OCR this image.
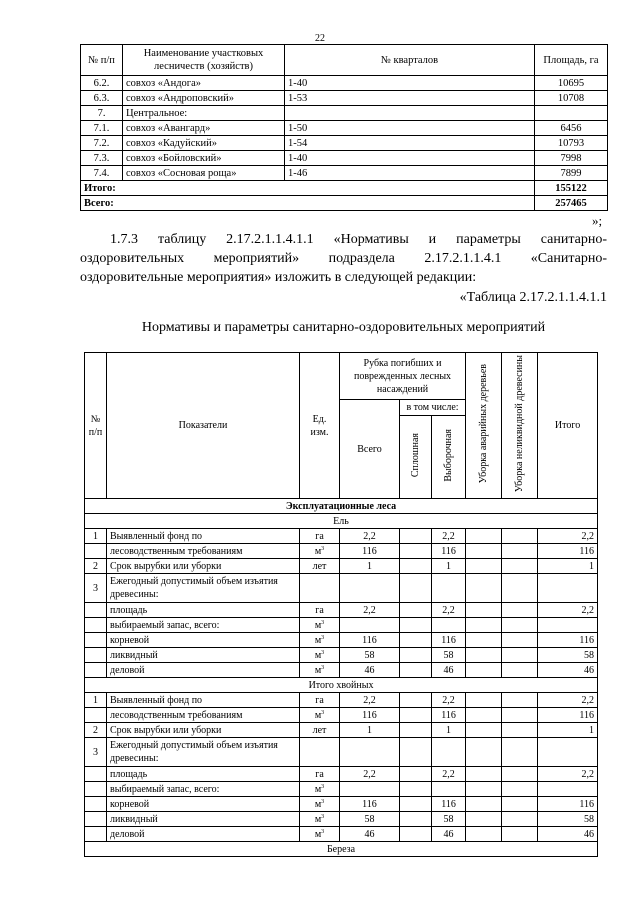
22
№ п/п	Наименование участковых лесничеств (хозяйств)	№ кварталов	Площадь, га
6.2.	совхоз «Андога»	1-40	10695
6.3.	совхоз «Андроповский»	1-53	10708
7.	Центральное:		
7.1.	совхоз «Авангард»	1-50	6456
7.2.	совхоз «Кадуйский»	1-54	10793
7.3.	совхоз «Бойловский»	1-40	7998
7.4.	совхоз «Сосновая роща»	1-46	7899
Итого:			155122
Всего:			257465
»;
1.7.3 таблицу 2.17.2.1.1.4.1.1 «Нормативы и параметры санитарно-
оздоровительных мероприятий» подраздела 2.17.2.1.1.4.1 «Санитарно-
оздоровительные мероприятия» изложить в следующей редакции:
«Таблица 2.17.2.1.1.4.1.1
Нормативы и параметры санитарно-оздоровительных мероприятий
№ п/п	Показатели	Ед. изм.	Рубка погибших и поврежденных лесных насаждений			Уборка аварийных деревьев	Уборка неликвидной древесины	Итого
			Всего	в том числе:				
				Сплошная	Выборочная			
Эксплуатационные леса								
Ель								
1	Выявленный фонд по	га	2,2		2,2			2,2
	лесоводственным требованиям	$м^3$	116		116			116
2	Срок вырубки или уборки	лет	1		1			1
3	Ежегодный допустимый объем изъятия древесины:							
	площадь	га	2,2		2,2			2,2
	выбираемый запас, всего:	$м^3$						
	корневой	$м^3$	116		116			116
	ликвидный	$м^3$	58		58			58
	деловой	$м^3$	46		46			46
Итого хвойных								
1	Выявленный фонд по	га	2,2		2,2			2,2
	лесоводственным требованиям	$м^3$	116		116			116
2	Срок вырубки или уборки	лет	1		1			1
3	Ежегодный допустимый объем изъятия древесины:							
	площадь	га	2,2		2,2			2,2
	выбираемый запас, всего:	$м^3$						
	корневой	$м^3$	116		116			116
	ликвидный	$м^3$	58		58			58
	деловой	$м^3$	46		46			46
Береза								
